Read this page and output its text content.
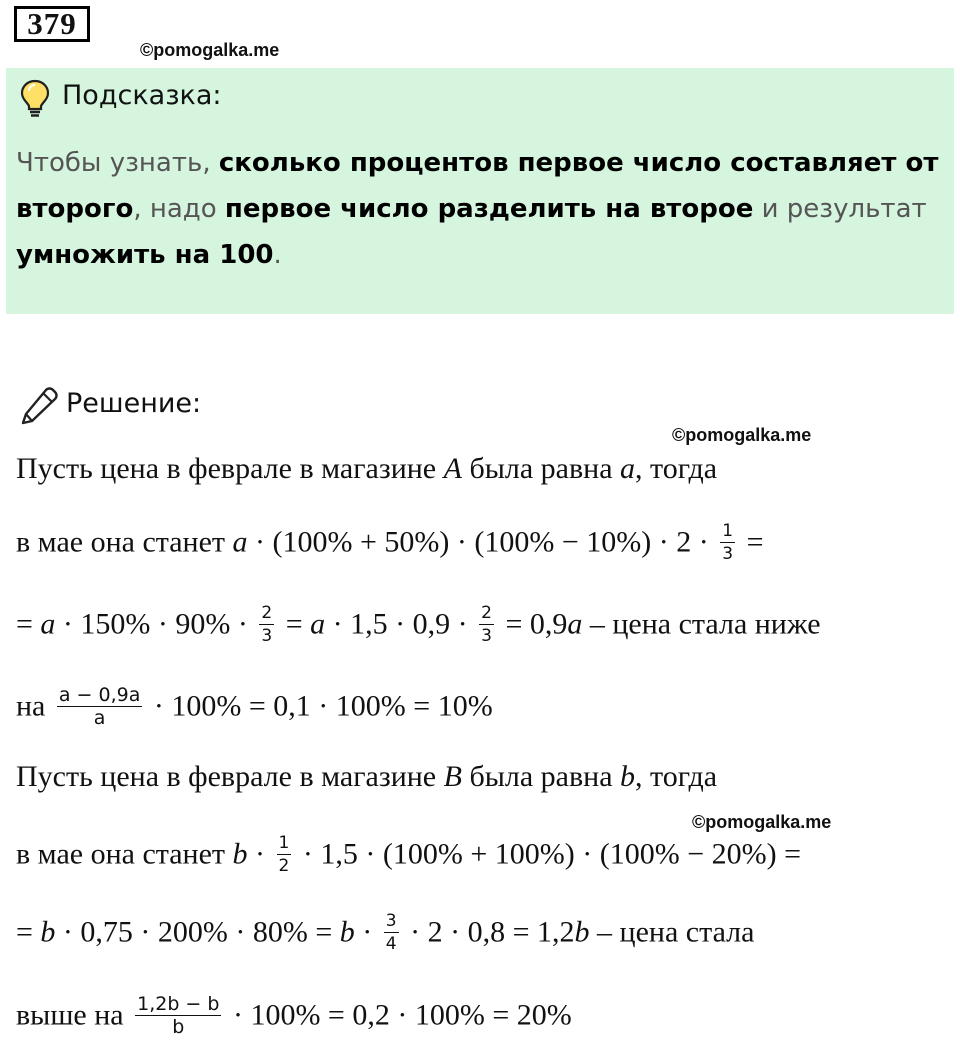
379
©pomogalka.me
Подсказка:
Чтобы узнать, сколько процентов первое число составляет от второго, надо первое число разделить на второе и результат умножить на 100.
Решение:
©pomogalka.me
Пусть цена в феврале в магазине A была равна a, тогда
в мае она станет $a \cdot (100\% + 50\%) \cdot (100\% - 10\%) \cdot 2 \cdot \frac{1}{3}$ =
= $a \cdot 150\% \cdot 90\% \cdot \frac{2}{3} = a \cdot 1,5 \cdot 0,9 \cdot \frac{2}{3} = 0,9a$ – цена стала ниже
на $\frac{a - 0,9a}{a} \cdot 100\% = 0,1 \cdot 100\% = 10\%$
Пусть цена в феврале в магазине B была равна b, тогда
©pomogalka.me
в мае она станет $b \cdot \frac{1}{2} \cdot 1,5 \cdot (100\% + 100\%) \cdot (100\% - 20\%)$ =
= $b \cdot 0,75 \cdot 200\% \cdot 80\% = b \cdot \frac{3}{4} \cdot 2 \cdot 0,8 = 1,2b$ – цена стала
выше на $\frac{1,2b - b}{b} \cdot 100\% = 0,2 \cdot 100\% = 20\%$
